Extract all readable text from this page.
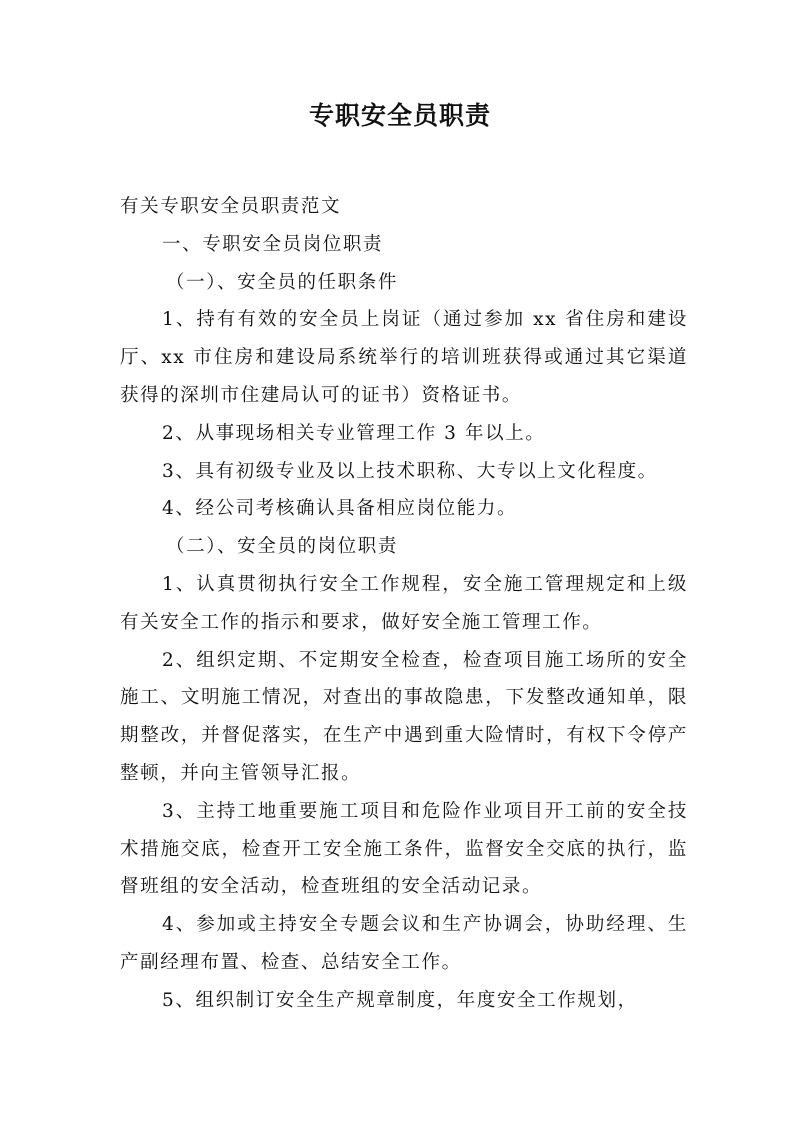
专职安全员职责

有关专职安全员职责范文

一、专职安全员岗位职责

（一）、安全员的任职条件

1、持有有效的安全员上岗证（通过参加 xx 省住房和建设厅、xx 市住房和建设局系统举行的培训班获得或通过其它渠道获得的深圳市住建局认可的证书）资格证书。

2、从事现场相关专业管理工作 3 年以上。

3、具有初级专业及以上技术职称、大专以上文化程度。

4、经公司考核确认具备相应岗位能力。

（二）、安全员的岗位职责

1、认真贯彻执行安全工作规程，安全施工管理规定和上级有关安全工作的指示和要求，做好安全施工管理工作。

2、组织定期、不定期安全检查，检查项目施工场所的安全施工、文明施工情况，对查出的事故隐患，下发整改通知单，限期整改，并督促落实，在生产中遇到重大险情时，有权下令停产整顿，并向主管领导汇报。

3、主持工地重要施工项目和危险作业项目开工前的安全技术措施交底，检查开工安全施工条件，监督安全交底的执行，监督班组的安全活动，检查班组的安全活动记录。

4、参加或主持安全专题会议和生产协调会，协助经理、生产副经理布置、检查、总结安全工作。

5、组织制订安全生产规章制度，年度安全工作规划，
